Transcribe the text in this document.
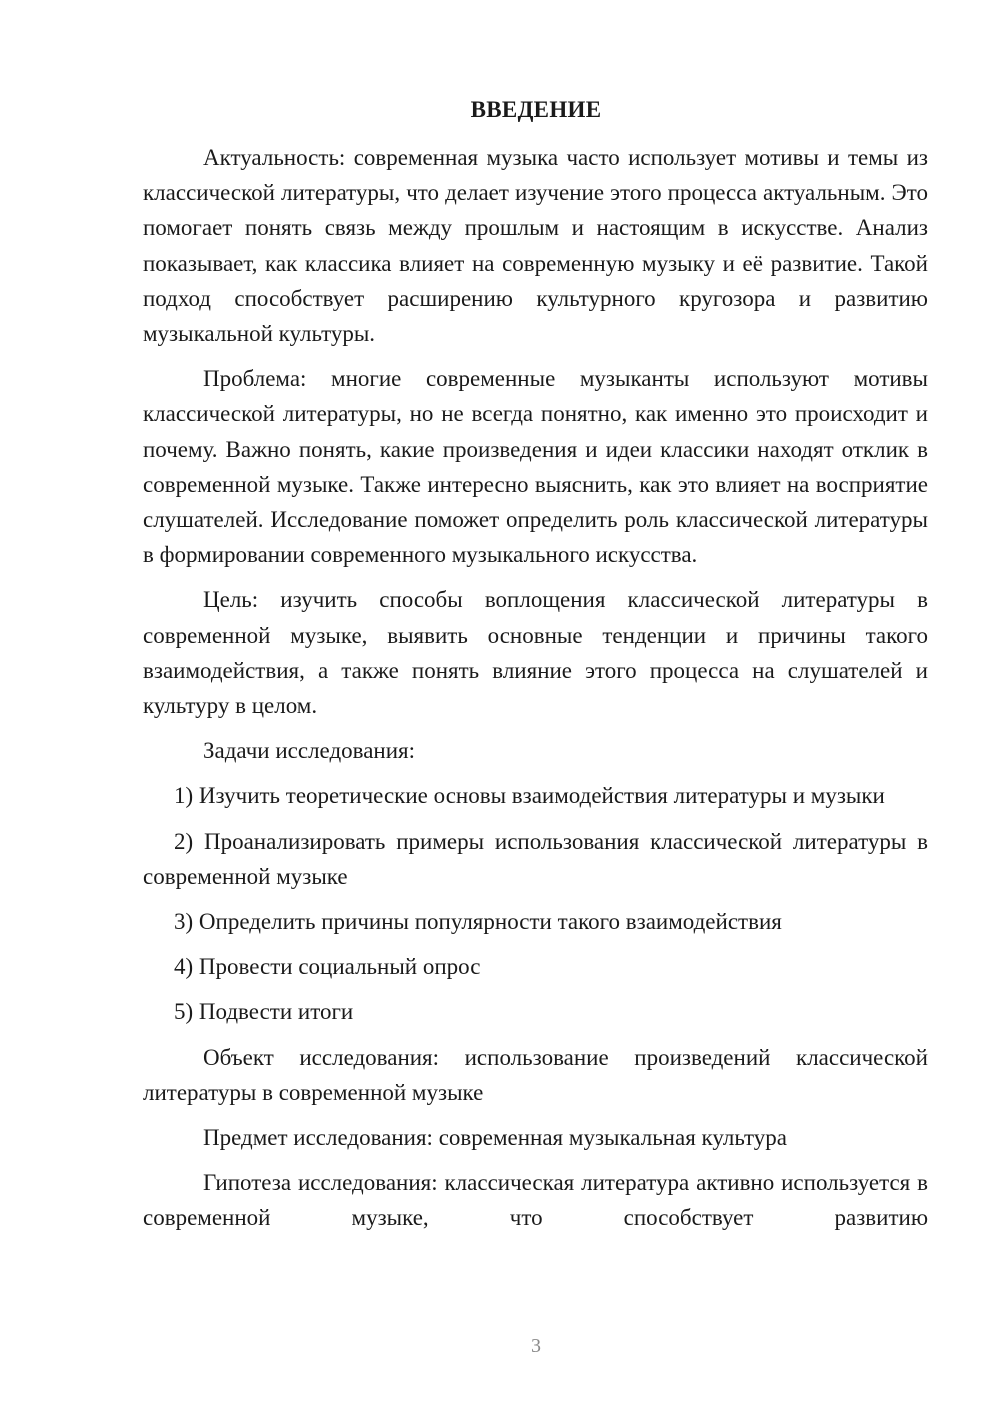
ВВЕДЕНИЕ

Актуальность: современная музыка часто использует мотивы и темы из классической литературы, что делает изучение этого процесса актуальным. Это помогает понять связь между прошлым и настоящим в искусстве. Анализ показывает, как классика влияет на современную музыку и её развитие. Такой подход способствует расширению культурного кругозора и развитию музыкальной культуры.

Проблема: многие современные музыканты используют мотивы классической литературы, но не всегда понятно, как именно это происходит и почему. Важно понять, какие произведения и идеи классики находят отклик в современной музыке. Также интересно выяснить, как это влияет на восприятие слушателей. Исследование поможет определить роль классической литературы в формировании современного музыкального искусства.

Цель: изучить способы воплощения классической литературы в современной музыке, выявить основные тенденции и причины такого взаимодействия, а также понять влияние этого процесса на слушателей и культуру в целом.

Задачи исследования:

1) Изучить теоретические основы взаимодействия литературы и музыки

2) Проанализировать примеры использования классической литературы в современной музыке

3) Определить причины популярности такого взаимодействия

4) Провести социальный опрос

5) Подвести итоги

Объект исследования: использование произведений классической литературы в современной музыке

Предмет исследования: современная музыкальная культура

Гипотеза исследования: классическая литература активно используется в современной музыке, что способствует развитию

3
